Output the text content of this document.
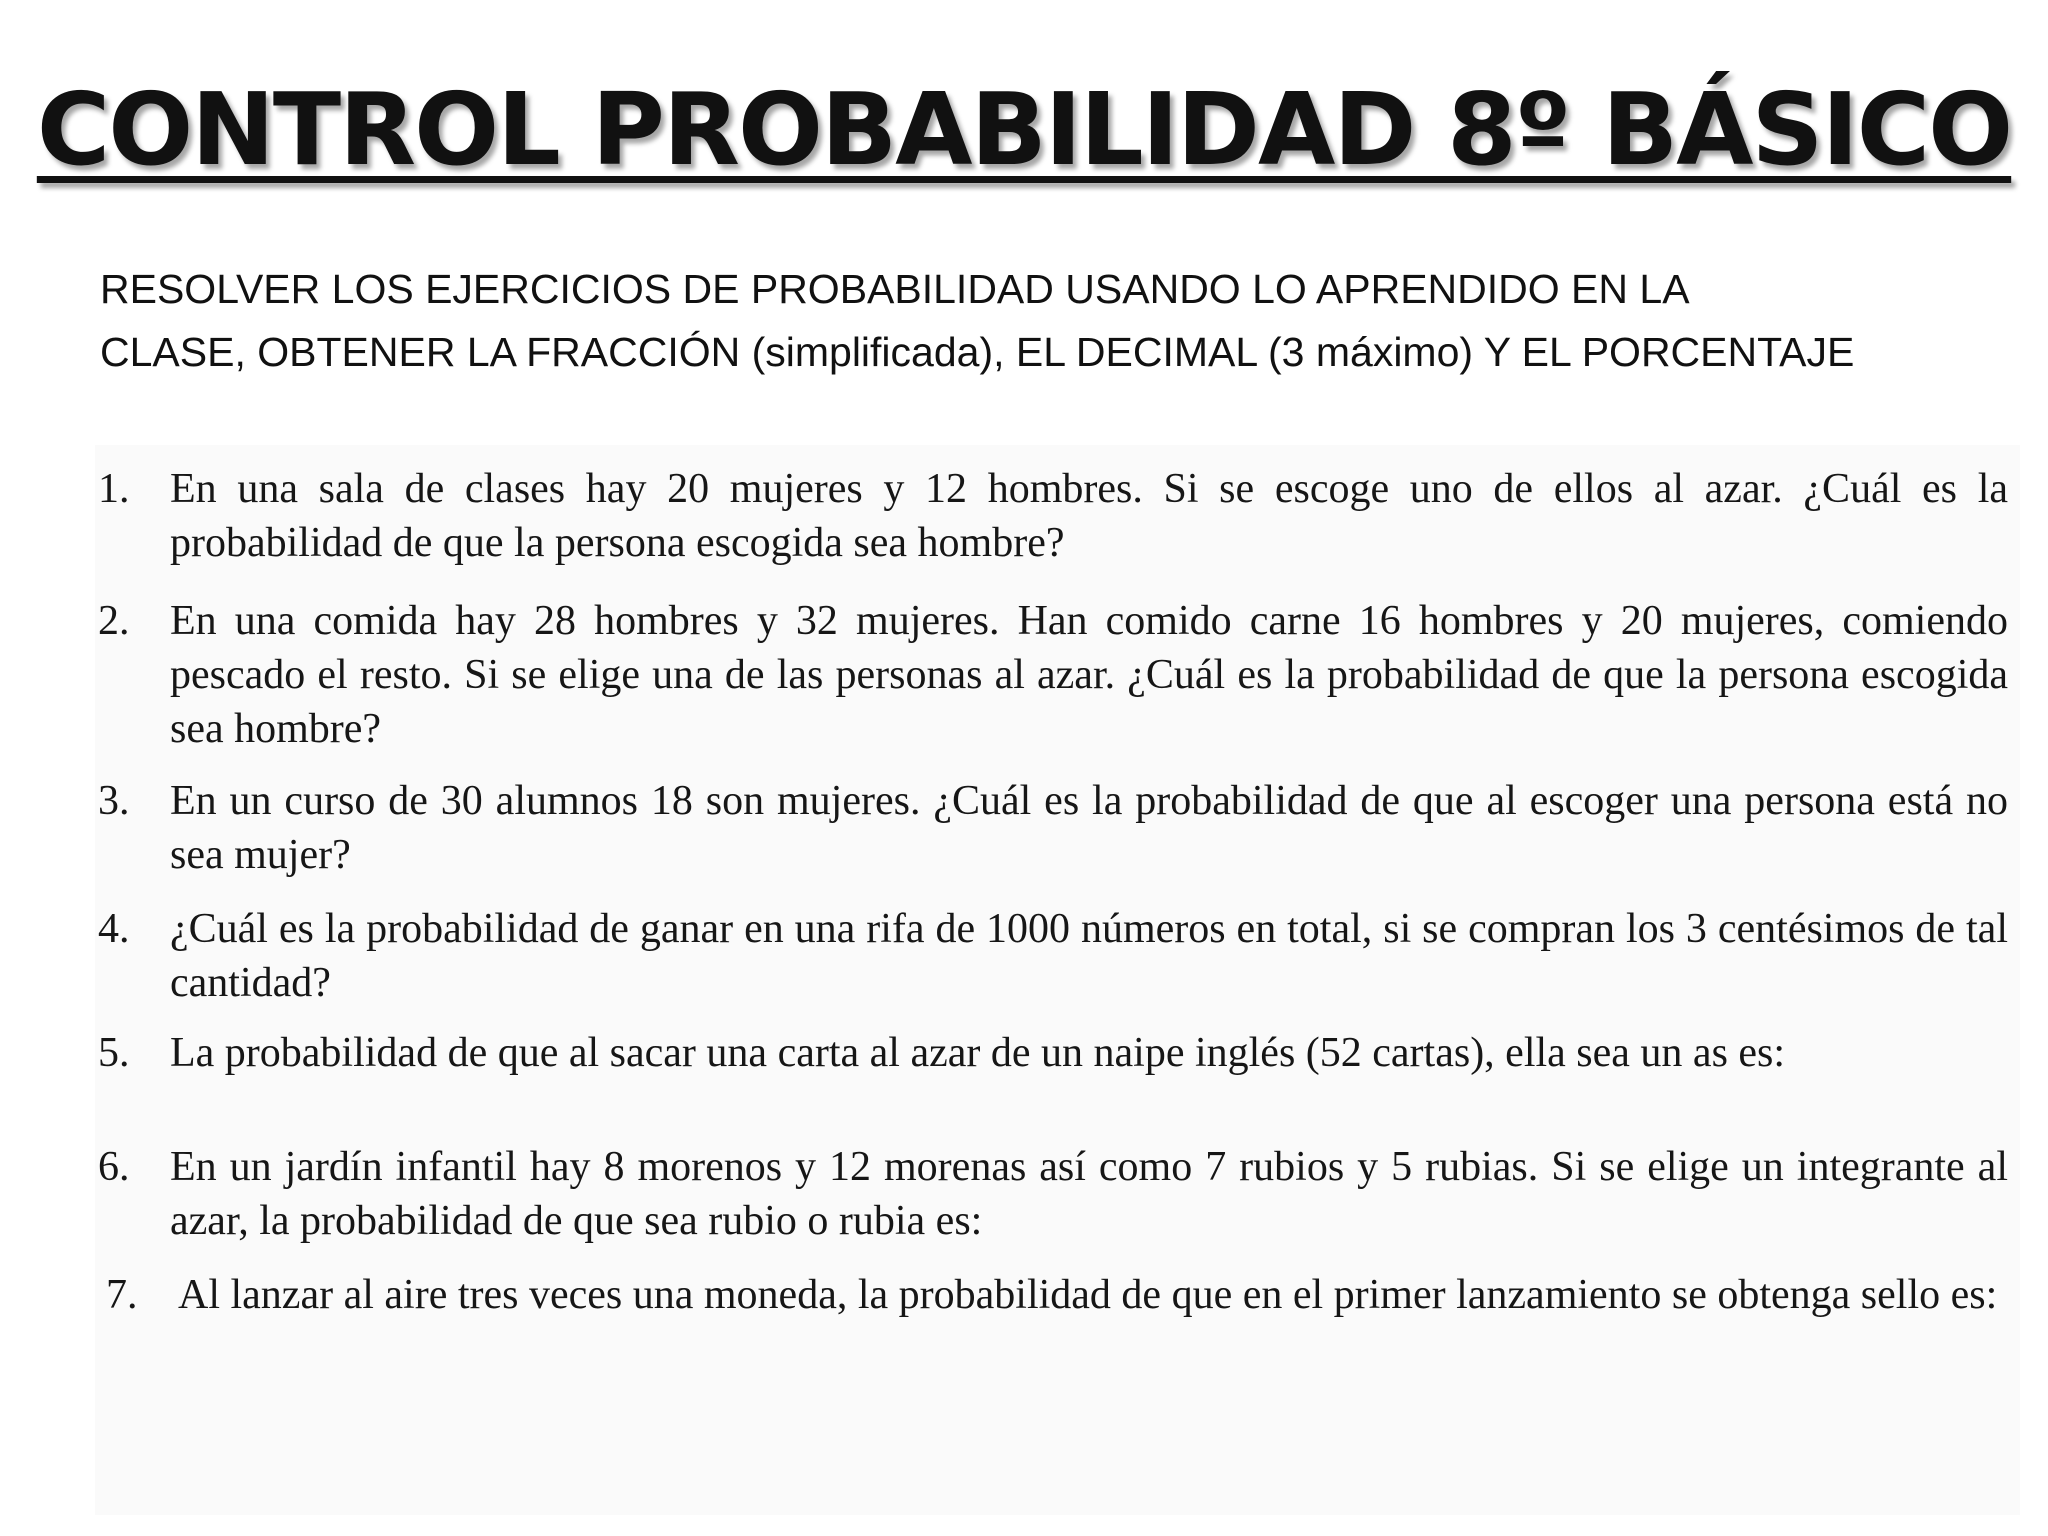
CONTROL PROBABILIDAD 8º BÁSICO
RESOLVER LOS EJERCICIOS DE PROBABILIDAD USANDO LO APRENDIDO EN LA
CLASE, OBTENER LA FRACCIÓN (simplificada), EL DECIMAL (3 máximo) Y EL PORCENTAJE
1. En una sala de clases hay 20 mujeres y 12 hombres. Si se escoge uno de ellos al azar. ¿Cuál es la probabilidad de que la persona escogida sea hombre?
2. En una comida hay 28 hombres y 32 mujeres. Han comido carne 16 hombres y 20 mujeres, comiendo pescado el resto. Si se elige una de las personas al azar. ¿Cuál es la probabilidad de que la persona escogida sea hombre?
3. En un curso de 30 alumnos 18 son mujeres. ¿Cuál es la probabilidad de que al escoger una persona está no sea mujer?
4. ¿Cuál es la probabilidad de ganar en una rifa de 1000 números en total, si se compran los 3 centésimos de tal cantidad?
5. La probabilidad de que al sacar una carta al azar de un naipe inglés (52 cartas), ella sea un as es:
6. En un jardín infantil hay 8 morenos y 12 morenas así como 7 rubios y 5 rubias. Si se elige un integrante al azar, la probabilidad de que sea rubio o rubia es:
7. Al lanzar al aire tres veces una moneda, la probabilidad de que en el primer lanzamiento se obtenga sello es:
